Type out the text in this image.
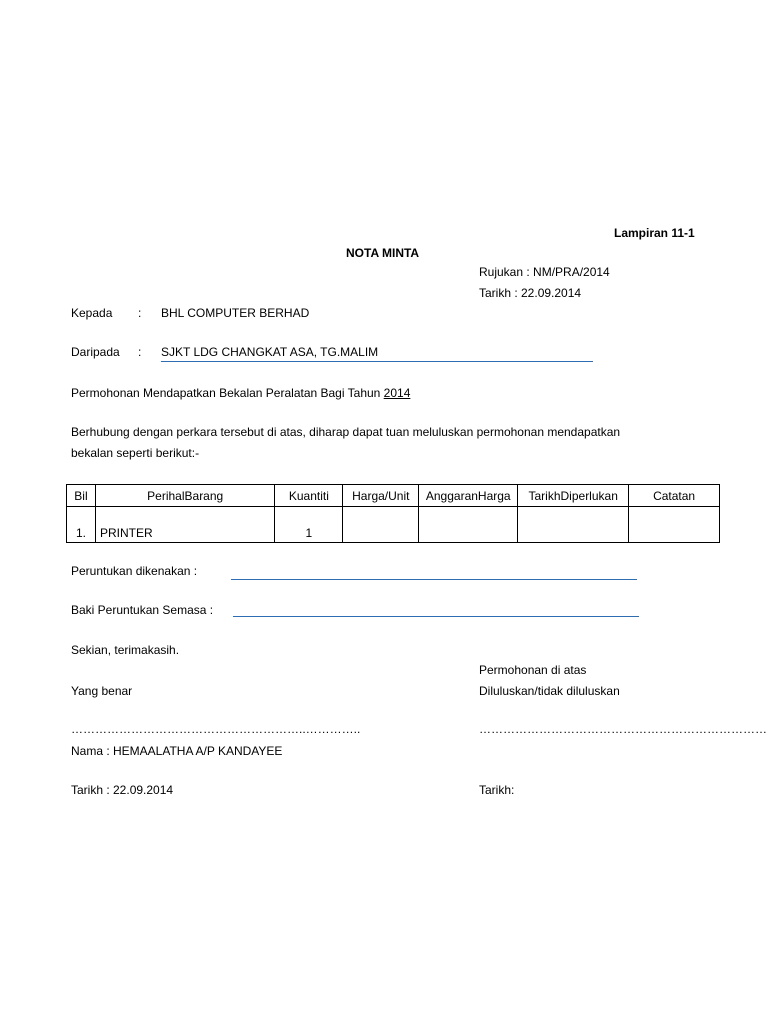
Lampiran 11-1
NOTA MINTA
Rujukan : NM/PRA/2014
Tarikh : 22.09.2014
Kepada : BHL COMPUTER BERHAD
Daripada : SJKT LDG CHANGKAT ASA, TG.MALIM
Permohonan Mendapatkan Bekalan Peralatan Bagi Tahun 2014
Berhubung dengan perkara tersebut di atas, diharap dapat tuan meluluskan permohonan mendapatkan
bekalan seperti berikut:-
Bil	PerihalBarang	Kuantiti	Harga/Unit	AnggaranHarga	TarikhDiperlukan	Catatan
1.	PRINTER	1				
Peruntukan dikenakan :
Baki Peruntukan Semasa :
Sekian, terimakasih.
Permohonan di atas
Yang benar	Diluluskan/tidak diluluskan
…………………………………………………..…………..	………………………………………………………………
Nama : HEMAALATHA A/P KANDAYEE
Tarikh : 22.09.2014	Tarikh:
